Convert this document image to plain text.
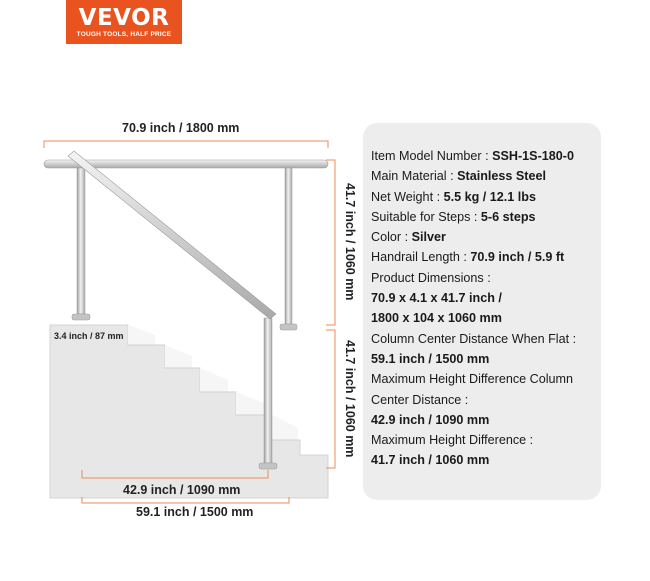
VEVOR
TOUGH TOOLS, HALF PRICE
70.9 inch / 1800 mm
41.7 inch / 1060 mm
41.7 inch / 1060 mm
3.4 inch / 87 mm
42.9 inch / 1090 mm
59.1 inch / 1500 mm
Item Model Number : SSH-1S-180-0
Main Material : Stainless Steel
Net Weight : 5.5 kg / 12.1 lbs
Suitable for Steps : 5-6 steps
Color : Silver
Handrail Length : 70.9 inch / 5.9 ft
Product Dimensions :
70.9 x 4.1 x 41.7 inch /
1800 x 104 x 1060 mm
Column Center Distance When Flat :
59.1 inch / 1500 mm
Maximum Height Difference Column
Center Distance :
42.9 inch / 1090 mm
Maximum Height Difference :
41.7 inch / 1060 mm
